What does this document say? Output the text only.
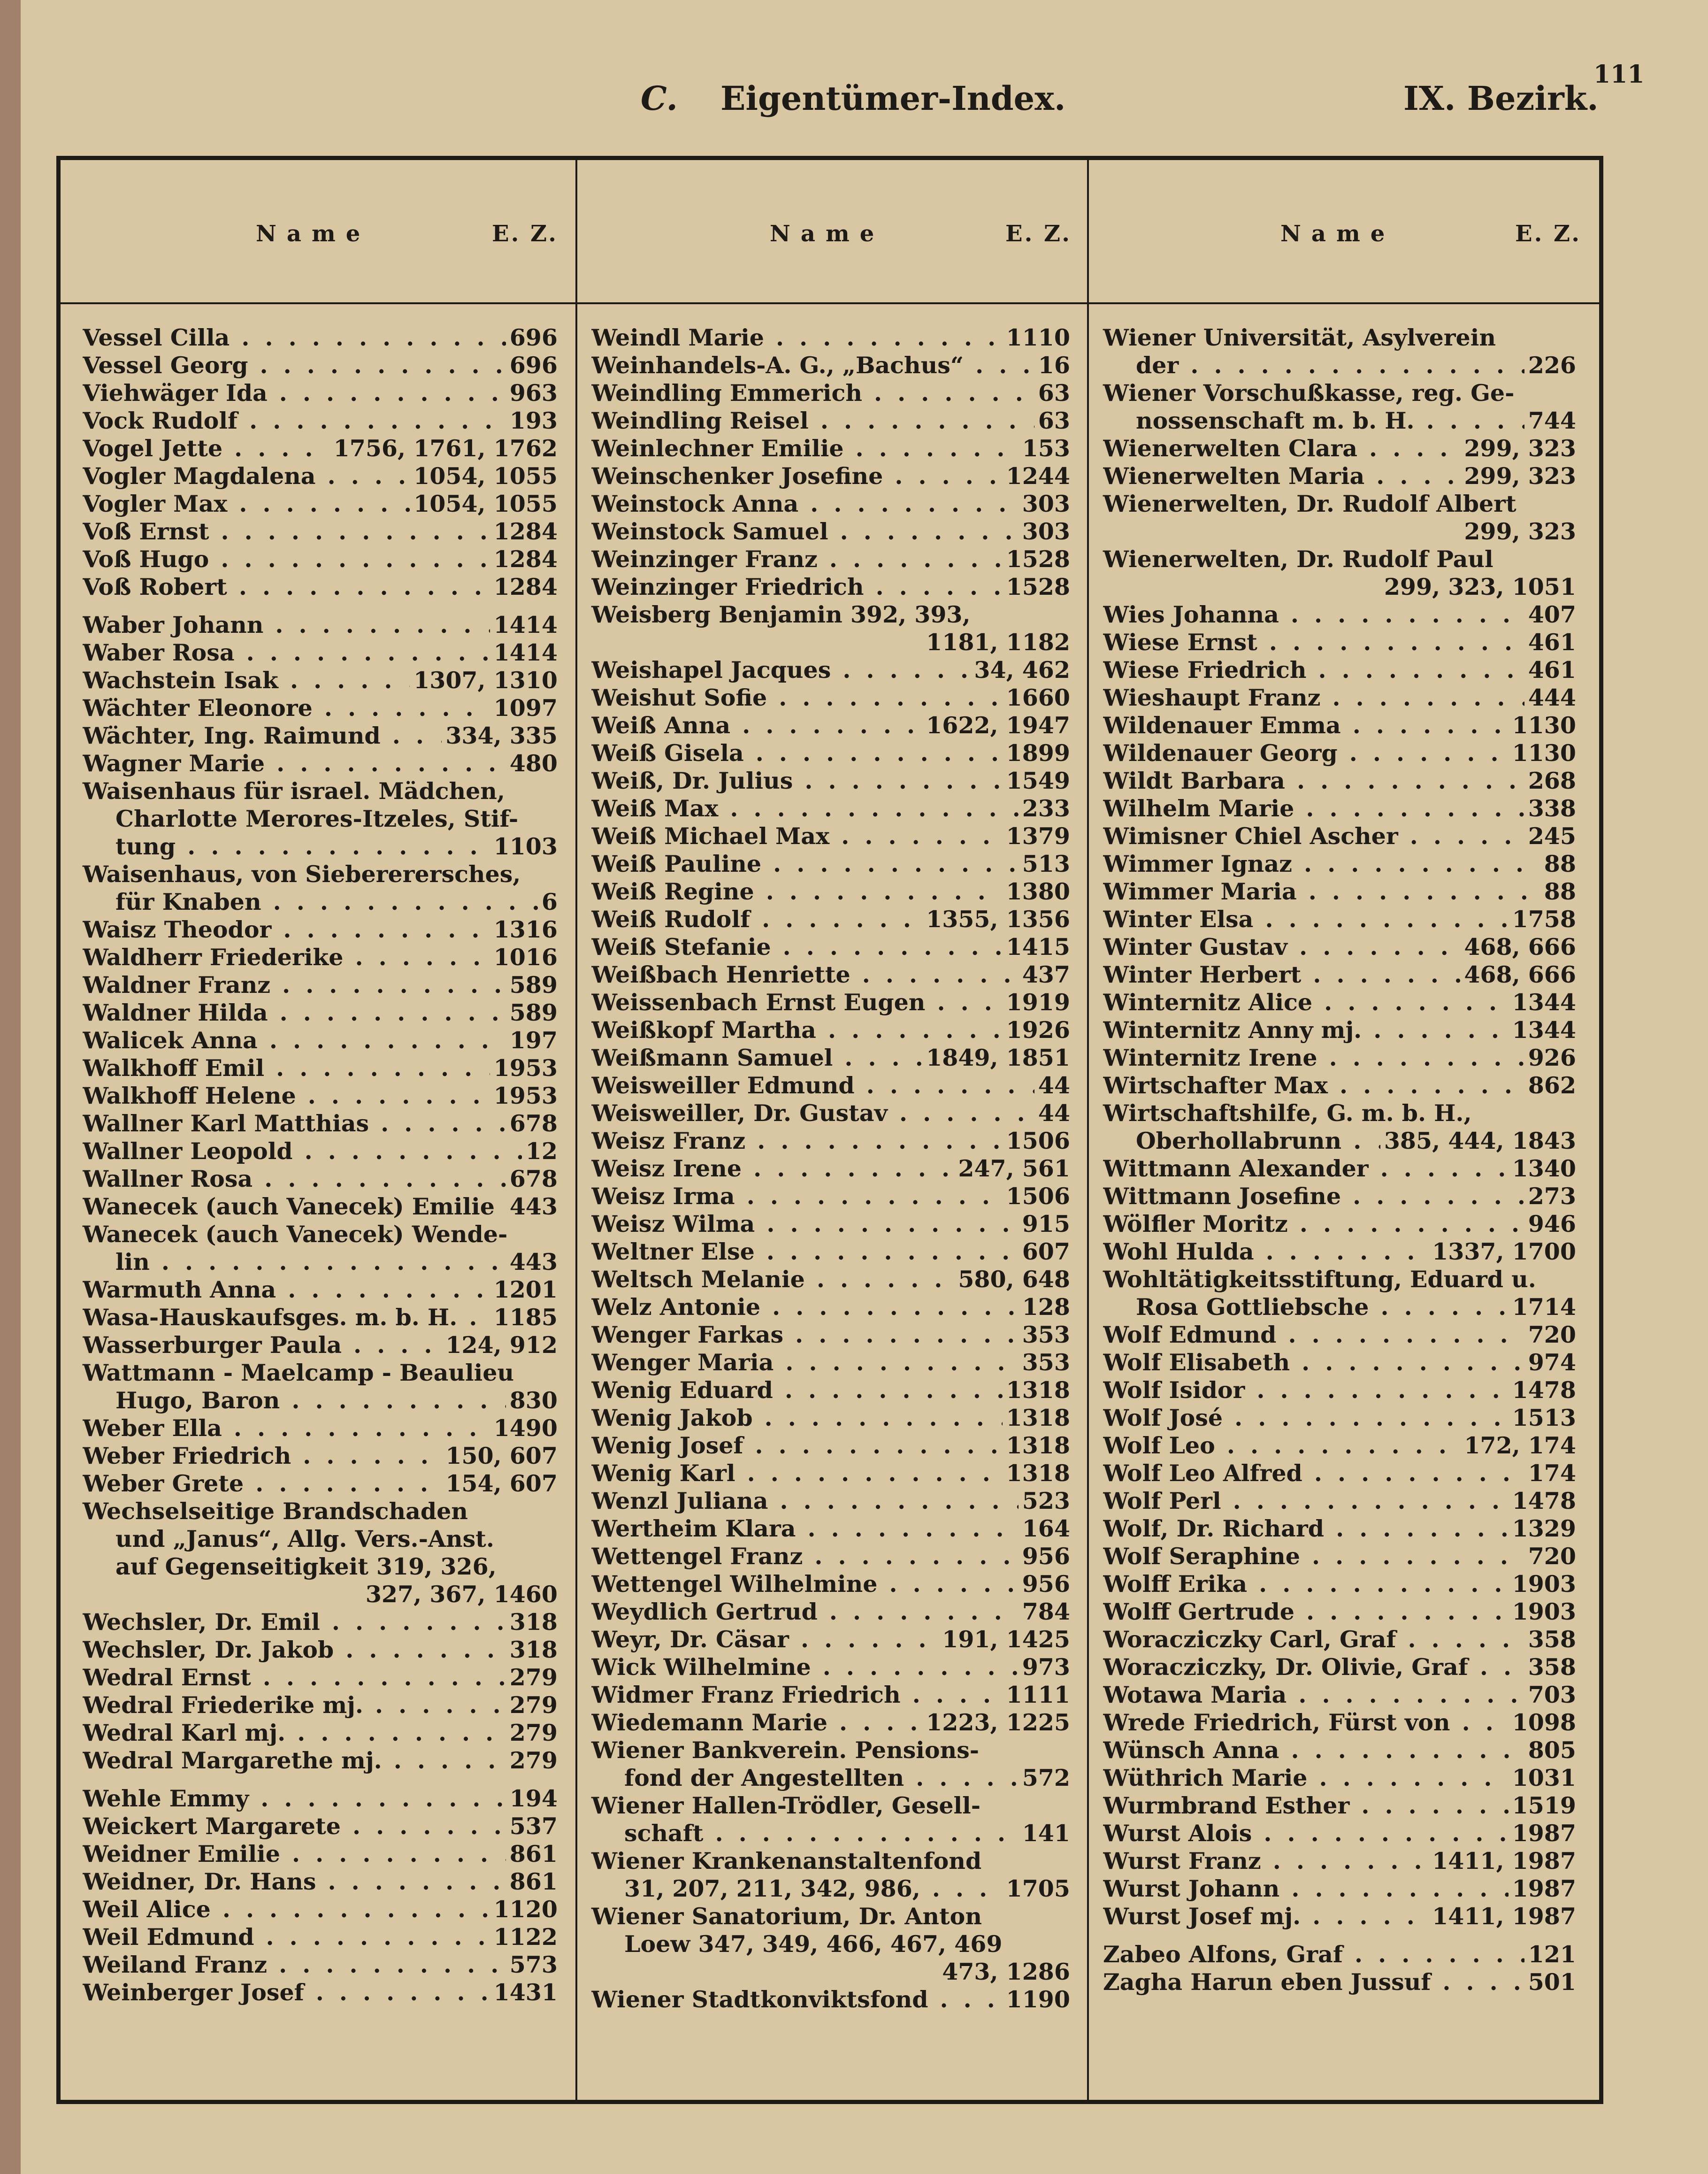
111
C. Eigentümer-Index.	IX. Bezirk.
Name	E. Z.	Name	E. Z.	Name	E. Z.
Vessel Cilla . . .	696
Vessel Georg . . .	696
Viehwäger Ida . . .	963
Vock Rudolf . . .	193
Vogel Jette . . .	1756, 1761, 1762
Vogler Magdalena . . .	1054, 1055
Vogler Max . . .	1054, 1055
Voß Ernst . . .	1284
Voß Hugo . . .	1284
Voß Robert . . .	1284
Waber Johann . . .	1414
Waber Rosa . . .	1414
Wachstein Isak . . .	1307, 1310
Wächter Eleonore . . .	1097
Wächter, Ing. Raimund . . .	334, 335
Wagner Marie . . .	480
Waisenhaus für israel. Mädchen,
Charlotte Merores-Itzeles, Stif-
tung . . .	1103
Waisenhaus, von Siebererersches,
für Knaben . . .	6
Waisz Theodor . . .	1316
Waldherr Friederike . . .	1016
Waldner Franz . . .	589
Waldner Hilda . . .	589
Walicek Anna . . .	197
Walkhoff Emil . . .	1953
Walkhoff Helene . . .	1953
Wallner Karl Matthias . . .	678
Wallner Leopold . . .	12
Wallner Rosa . . .	678
Wanecek (auch Vanecek) Emilie . . . 443
Wanecek (auch Vanecek) Wende-
lin . . .	443
Warmuth Anna . . .	1201
Wasa-Hauskaufsges. m. b. H. . . .	1185
Wasserburger Paula . . .	124, 912
Wattmann - Maelcamp - Beaulieu
Hugo, Baron . . .	830
Weber Ella . . .	1490
Weber Friedrich . . .	150, 607
Weber Grete . . .	154, 607
Wechselseitige Brandschaden
und „Janus“, Allg. Vers.-Anst.
auf Gegenseitigkeit 319, 326,
327, 367, 1460
Wechsler, Dr. Emil . . .	318
Wechsler, Dr. Jakob . . .	318
Wedral Ernst . . .	279
Wedral Friederike mj. . . .	279
Wedral Karl mj. . . .	279
Wedral Margarethe mj. . . .	279
Wehle Emmy . . .	194
Weickert Margarete . . .	537
Weidner Emilie . . .	861
Weidner, Dr. Hans . . .	861
Weil Alice . . .	1120
Weil Edmund . . .	1122
Weiland Franz . . .	573
Weinberger Josef . . .	1431
Weindl Marie . . .	1110
Weinhandels-A. G., „Bachus“ . . .	16
Weindling Emmerich . . .	63
Weindling Reisel . . .	63
Weinlechner Emilie . . .	153
Weinschenker Josefine . . .	1244
Weinstock Anna . . .	303
Weinstock Samuel . . .	303
Weinzinger Franz . . .	1528
Weinzinger Friedrich . . .	1528
Weisberg Benjamin 392, 393,
1181, 1182
Weishapel Jacques . . .	34, 462
Weishut Sofie . . .	1660
Weiß Anna . . .	1622, 1947
Weiß Gisela . . .	1899
Weiß, Dr. Julius . . .	1549
Weiß Max . . .	233
Weiß Michael Max . . .	1379
Weiß Pauline . . .	513
Weiß Regine . . .	1380
Weiß Rudolf . . .	1355, 1356
Weiß Stefanie . . .	1415
Weißbach Henriette . . .	437
Weissenbach Ernst Eugen . . .	1919
Weißkopf Martha . . .	1926
Weißmann Samuel . . .	1849, 1851
Weisweiller Edmund . . .	44
Weisweiller, Dr. Gustav . . .	44
Weisz Franz . . .	1506
Weisz Irene . . .	247, 561
Weisz Irma . . .	1506
Weisz Wilma . . .	915
Weltner Else . . .	607
Weltsch Melanie . . .	580, 648
Welz Antonie . . .	128
Wenger Farkas . . .	353
Wenger Maria . . .	353
Wenig Eduard . . .	1318
Wenig Jakob . . .	1318
Wenig Josef . . .	1318
Wenig Karl . . .	1318
Wenzl Juliana . . .	523
Wertheim Klara . . .	164
Wettengel Franz . . .	956
Wettengel Wilhelmine . . .	956
Weydlich Gertrud . . .	784
Weyr, Dr. Cäsar . . .	191, 1425
Wick Wilhelmine . . .	973
Widmer Franz Friedrich . . .	1111
Wiedemann Marie . . .	1223, 1225
Wiener Bankverein. Pensions-
fond der Angestellten . . .	572
Wiener Hallen-Trödler, Gesell-
schaft . . .	141
Wiener Krankenanstaltenfond
31, 207, 211, 342, 986, . . .	1705
Wiener Sanatorium, Dr. Anton
Loew 347, 349, 466, 467, 469
473, 1286
Wiener Stadtkonviktsfond . . .	1190
Wiener Universität, Asylverein
der . . .	226
Wiener Vorschußkasse, reg. Ge-
nossenschaft m. b. H. . . .	744
Wienerwelten Clara . . .	299, 323
Wienerwelten Maria . . .	299, 323
Wienerwelten, Dr. Rudolf Albert
299, 323
Wienerwelten, Dr. Rudolf Paul
299, 323, 1051
Wies Johanna . . .	407
Wiese Ernst . . .	461
Wiese Friedrich . . .	461
Wieshaupt Franz . . .	444
Wildenauer Emma . . .	1130
Wildenauer Georg . . .	1130
Wildt Barbara . . .	268
Wilhelm Marie . . .	338
Wimisner Chiel Ascher . . .	245
Wimmer Ignaz . . .	88
Wimmer Maria . . .	88
Winter Elsa . . .	1758
Winter Gustav . . .	468, 666
Winter Herbert . . .	468, 666
Winternitz Alice . . .	1344
Winternitz Anny mj. . . .	1344
Winternitz Irene . . .	926
Wirtschafter Max . . .	862
Wirtschaftshilfe, G. m. b. H.,
Oberhollabrunn . . .	385, 444, 1843
Wittmann Alexander . . .	1340
Wittmann Josefine . . .	273
Wölfler Moritz . . .	946
Wohl Hulda . . .	1337, 1700
Wohltätigkeitsstiftung, Eduard u.
Rosa Gottliebsche . . .	1714
Wolf Edmund . . .	720
Wolf Elisabeth . . .	974
Wolf Isidor . . .	1478
Wolf José . . .	1513
Wolf Leo . . .	172, 174
Wolf Leo Alfred . . .	174
Wolf Perl . . .	1478
Wolf, Dr. Richard . . .	1329
Wolf Seraphine . . .	720
Wolff Erika . . .	1903
Wolff Gertrude . . .	1903
Woracziczky Carl, Graf . . .	358
Woracziczky, Dr. Olivie, Graf . . .	358
Wotawa Maria . . .	703
Wrede Friedrich, Fürst von . . .	1098
Wünsch Anna . . .	805
Wüthrich Marie . . .	1031
Wurmbrand Esther . . .	1519
Wurst Alois . . .	1987
Wurst Franz . . .	1411, 1987
Wurst Johann . . .	1987
Wurst Josef mj. . . .	1411, 1987
Zabeo Alfons, Graf . . .	121
Zagha Harun eben Jussuf . . .	501
